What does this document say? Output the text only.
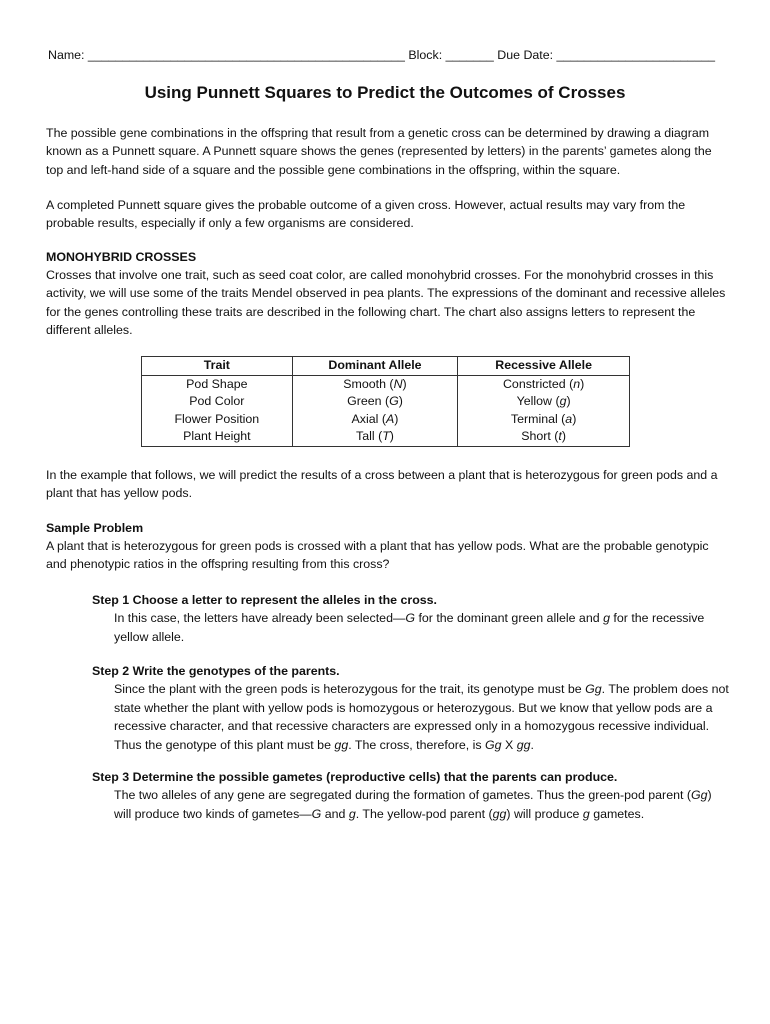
Name: ______________________________________________ Block: _______ Due Date: _______________________
Using Punnett Squares to Predict the Outcomes of Crosses
The possible gene combinations in the offspring that result from a genetic cross can be determined by drawing a diagram known as a Punnett square. A Punnett square shows the genes (represented by letters) in the parents’ gametes along the top and left-hand side of a square and the possible gene combinations in the offspring, within the square.
A completed Punnett square gives the probable outcome of a given cross. However, actual results may vary from the probable results, especially if only a few organisms are considered.
MONOHYBRID CROSSES
Crosses that involve one trait, such as seed coat color, are called monohybrid crosses. For the monohybrid crosses in this activity, we will use some of the traits Mendel observed in pea plants. The expressions of the dominant and recessive alleles for the genes controlling these traits are described in the following chart. The chart also assigns letters to represent the different alleles.
Trait	Dominant Allele	Recessive Allele
Pod Shape	Smooth (N)	Constricted (n)
Pod Color	Green (G)	Yellow (g)
Flower Position	Axial (A)	Terminal (a)
Plant Height	Tall (T)	Short (t)
In the example that follows, we will predict the results of a cross between a plant that is heterozygous for green pods and a plant that has yellow pods.
Sample Problem
A plant that is heterozygous for green pods is crossed with a plant that has yellow pods. What are the probable genotypic and phenotypic ratios in the offspring resulting from this cross?
Step 1 Choose a letter to represent the alleles in the cross.
In this case, the letters have already been selected—G for the dominant green allele and g for the recessive yellow allele.
Step 2 Write the genotypes of the parents.
Since the plant with the green pods is heterozygous for the trait, its genotype must be Gg. The problem does not state whether the plant with yellow pods is homozygous or heterozygous. But we know that yellow pods are a recessive character, and that recessive characters are expressed only in a homozygous recessive individual. Thus the genotype of this plant must be gg. The cross, therefore, is Gg X gg.
Step 3 Determine the possible gametes (reproductive cells) that the parents can produce.
The two alleles of any gene are segregated during the formation of gametes. Thus the green-pod parent (Gg) will produce two kinds of gametes—G and g. The yellow-pod parent (gg) will produce g gametes.
